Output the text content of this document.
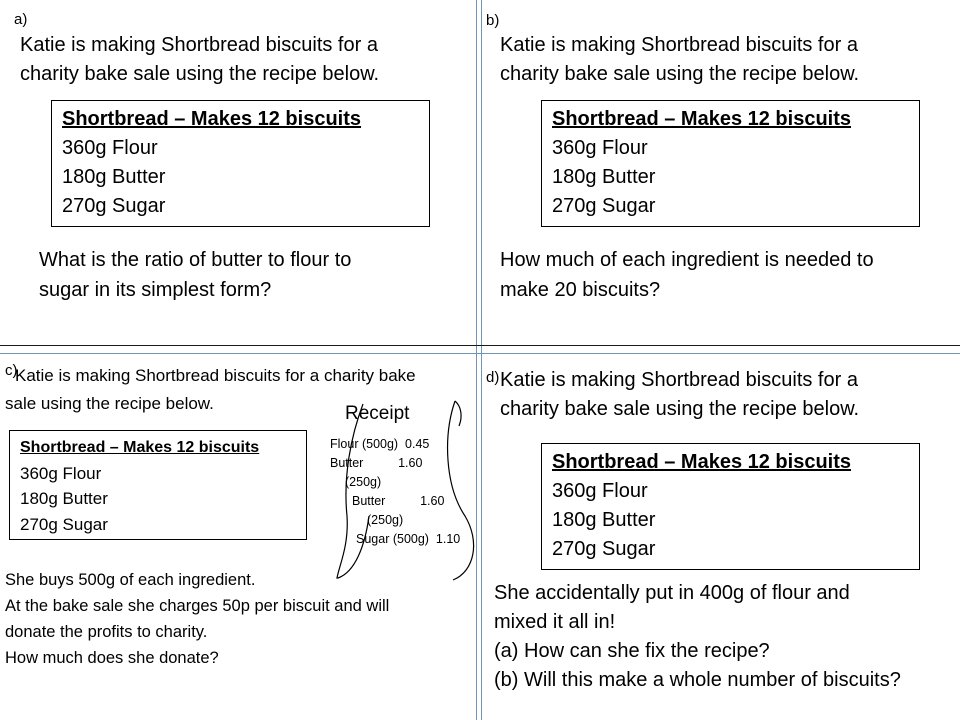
a)
Katie is making Shortbread biscuits for a
charity bake sale using the recipe below.
Shortbread – Makes 12 biscuits
360g Flour
180g Butter
270g Sugar
What is the ratio of butter to flour to
sugar in its simplest form?
b)
Katie is making Shortbread biscuits for a
charity bake sale using the recipe below.
Shortbread – Makes 12 biscuits
360g Flour
180g Butter
270g Sugar
How much of each ingredient is needed to
make 20 biscuits?
c)
Katie is making Shortbread biscuits for a charity bake
sale using the recipe below.
Shortbread – Makes 12 biscuits
360g Flour
180g Butter
270g Sugar
Receipt
Flour (500g)  0.45
Butter          1.60
(250g)
Butter          1.60
(250g)
Sugar (500g)  1.10
She buys 500g of each ingredient.
At the bake sale she charges 50p per biscuit and will
donate the profits to charity.
How much does she donate?
d) Katie is making Shortbread biscuits for a
charity bake sale using the recipe below.
Shortbread – Makes 12 biscuits
360g Flour
180g Butter
270g Sugar
She accidentally put in 400g of flour and
mixed it all in!
(a) How can she fix the recipe?
(b) Will this make a whole number of biscuits?
